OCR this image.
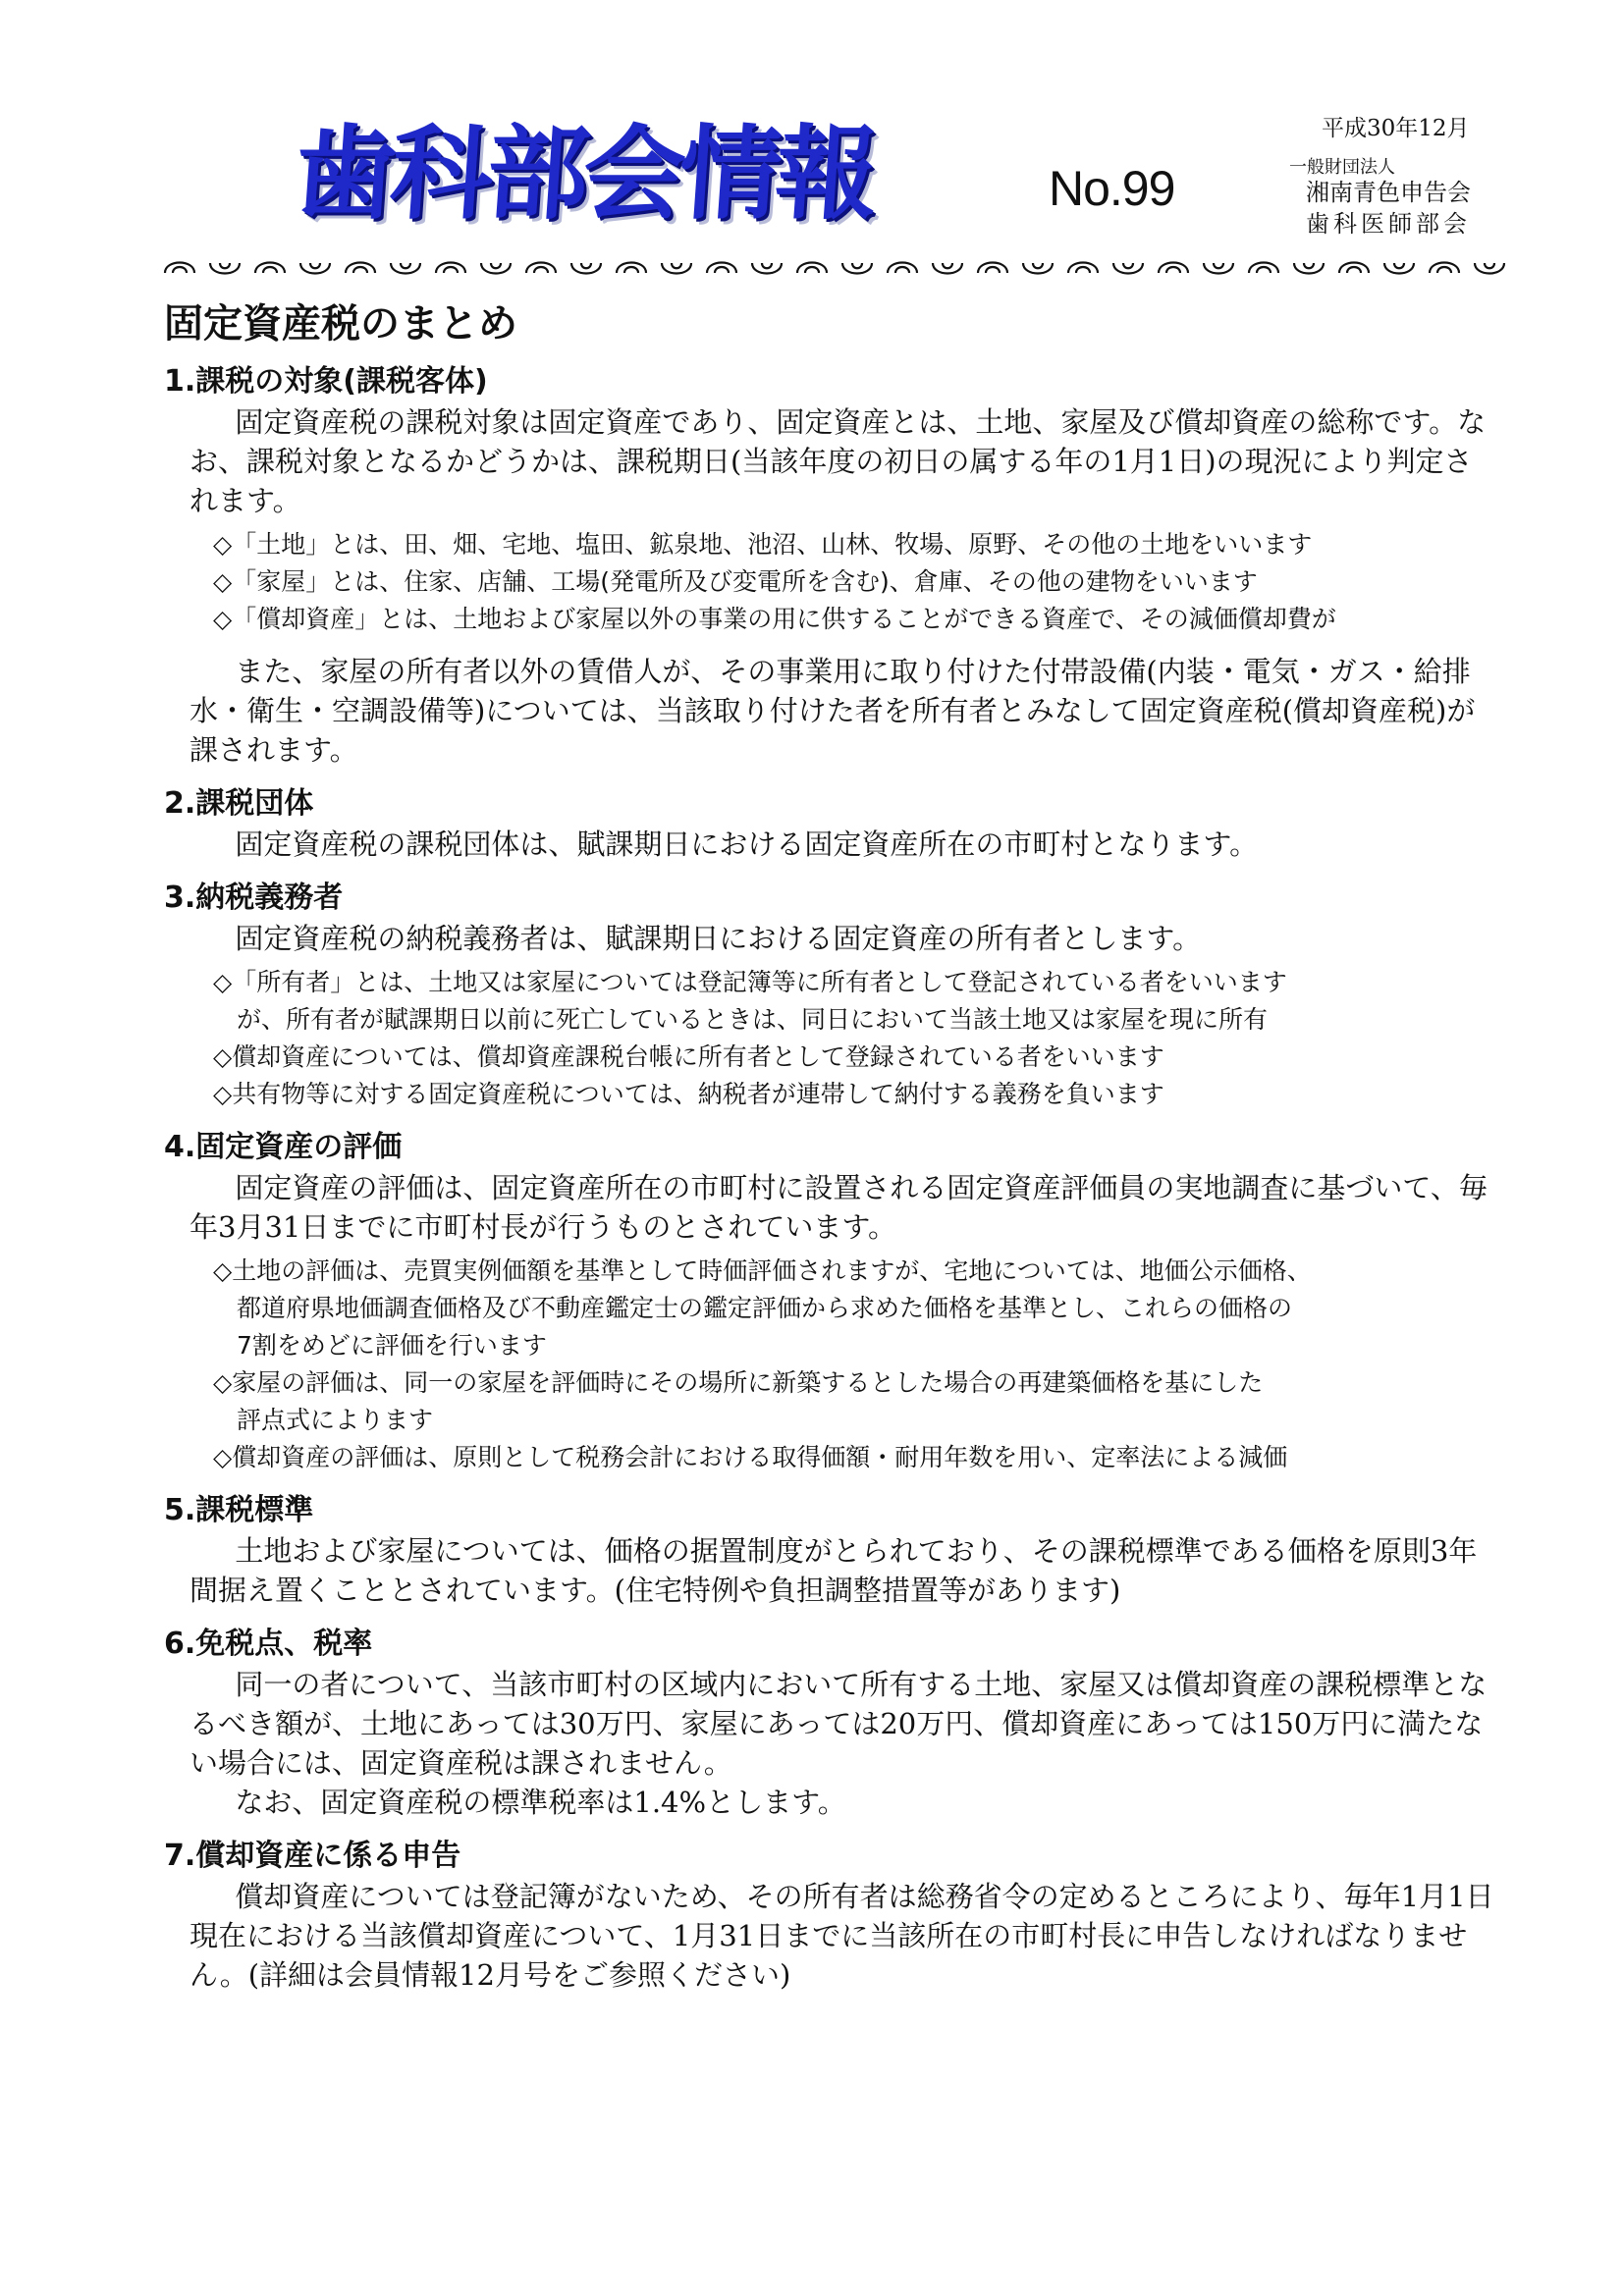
歯科部会情報	No.99
平成30年12月
一般財団法人
湘南青色申告会
歯科医師部会
固定資産税のまとめ
1.課税の対象(課税客体)

固定資産税の課税対象は固定資産であり、固定資産とは、土地、家屋及び償却資産の総称です。なお、課税対象となるかどうかは、課税期日(当該年度の初日の属する年の1月1日)の現況により判定されます。

◇「土地」とは、田、畑、宅地、塩田、鉱泉地、池沼、山林、牧場、原野、その他の土地をいいます

◇「家屋」とは、住家、店舗、工場(発電所及び変電所を含む)、倉庫、その他の建物をいいます

◇「償却資産」とは、土地および家屋以外の事業の用に供することができる資産で、その減価償却費が

また、家屋の所有者以外の賃借人が、その事業用に取り付けた付帯設備(内装・電気・ガス・給排水・衛生・空調設備等)については、当該取り付けた者を所有者とみなして固定資産税(償却資産税)が課されます。

2.課税団体

固定資産税の課税団体は、賦課期日における固定資産所在の市町村となります。

3.納税義務者

固定資産税の納税義務者は、賦課期日における固定資産の所有者とします。

◇「所有者」とは、土地又は家屋については登記簿等に所有者として登記されている者をいいます

が、所有者が賦課期日以前に死亡しているときは、同日において当該土地又は家屋を現に所有

◇償却資産については、償却資産課税台帳に所有者として登録されている者をいいます

◇共有物等に対する固定資産税については、納税者が連帯して納付する義務を負います

4.固定資産の評価

固定資産の評価は、固定資産所在の市町村に設置される固定資産評価員の実地調査に基づいて、毎年3月31日までに市町村長が行うものとされています。

◇土地の評価は、売買実例価額を基準として時価評価されますが、宅地については、地価公示価格、

都道府県地価調査価格及び不動産鑑定士の鑑定評価から求めた価格を基準とし、これらの価格の

7割をめどに評価を行います

◇家屋の評価は、同一の家屋を評価時にその場所に新築するとした場合の再建築価格を基にした

評点式によります

◇償却資産の評価は、原則として税務会計における取得価額・耐用年数を用い、定率法による減価

5.課税標準

土地および家屋については、価格の据置制度がとられており、その課税標準である価格を原則3年間据え置くこととされています。(住宅特例や負担調整措置等があります)

6.免税点、税率

同一の者について、当該市町村の区域内において所有する土地、家屋又は償却資産の課税標準となるべき額が、土地にあっては30万円、家屋にあっては20万円、償却資産にあっては150万円に満たない場合には、固定資産税は課されません。

なお、固定資産税の標準税率は1.4%とします。

7.償却資産に係る申告

償却資産については登記簿がないため、その所有者は総務省令の定めるところにより、毎年1月1日現在における当該償却資産について、1月31日までに当該所在の市町村長に申告しなければなりません。(詳細は会員情報12月号をご参照ください)
